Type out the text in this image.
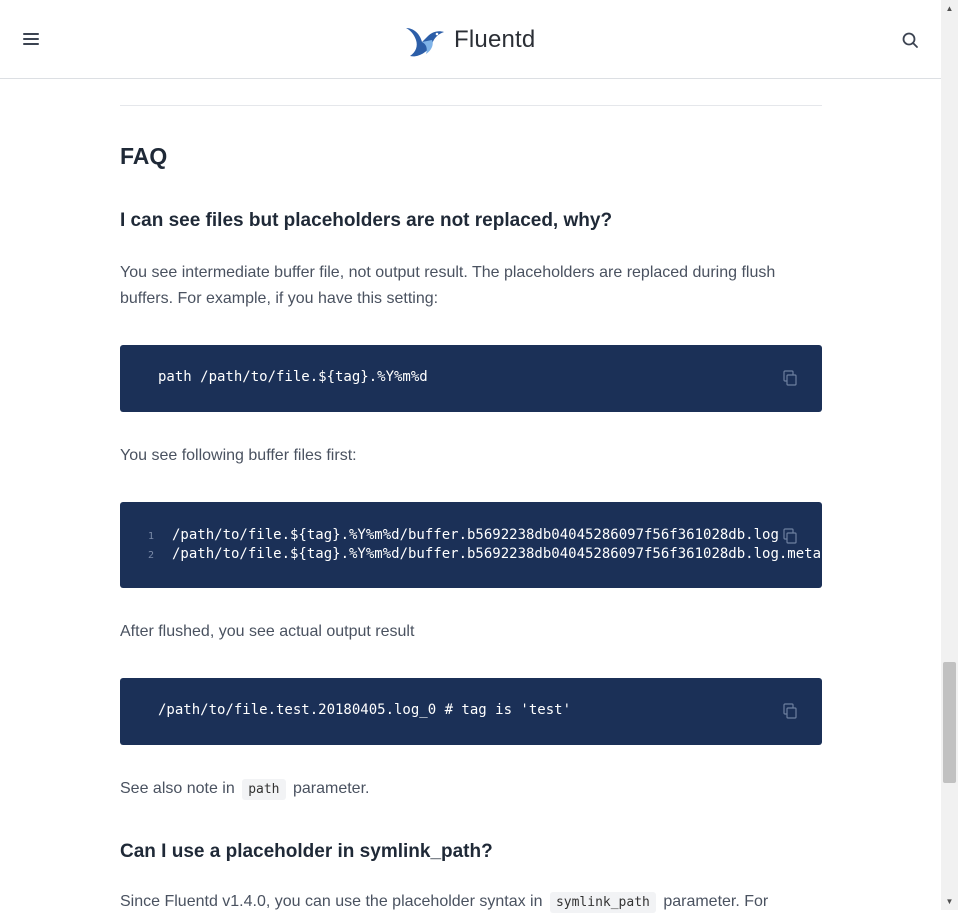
Fluentd
FAQ
I can see files but placeholders are not replaced, why?

You see intermediate buffer file, not output result. The placeholders are replaced during flush buffers. For example, if you have this setting:

path /path/to/file.${tag}.%Y%m%d

You see following buffer files first:

1 /path/to/file.${tag}.%Y%m%d/buffer.b5692238db04045286097f56f361028db.log
2 /path/to/file.${tag}.%Y%m%d/buffer.b5692238db04045286097f56f361028db.log.meta

After flushed, you see actual output result

/path/to/file.test.20180405.log_0 # tag is 'test'

See also note in path parameter.

Can I use a placeholder in symlink_path?

Since Fluentd v1.4.0, you can use the placeholder syntax in symlink_path parameter. For

▲
▼
